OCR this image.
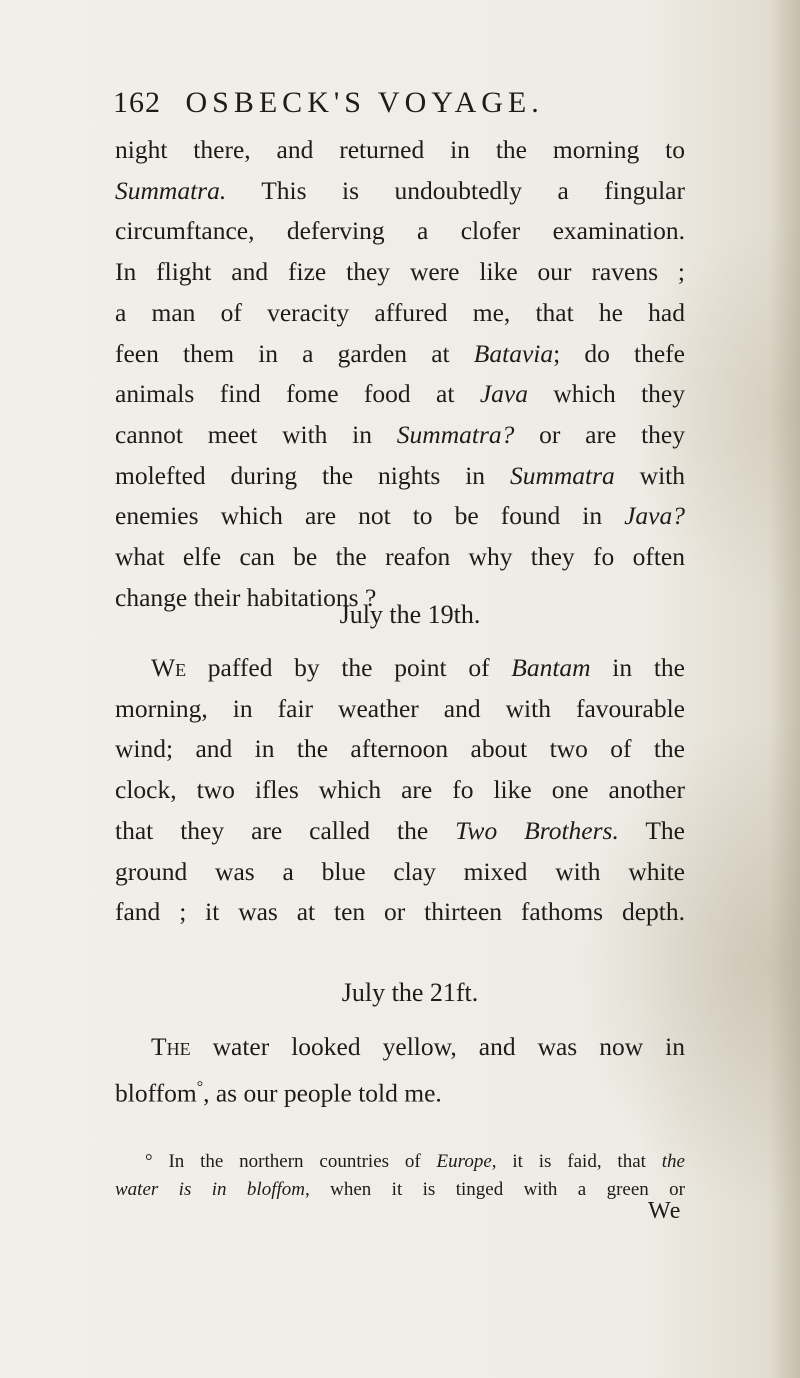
162 OSBECK'S VOYAGE.
night there, and returned in the morning to
Summatra. This is undoubtedly a fingular
circumftance, deferving a clofer examination.
In flight and fize they were like our ravens ;
a man of veracity affured me, that he had
feen them in a garden at Batavia; do thefe
animals find fome food at Java which they
cannot meet with in Summatra? or are they
molefted during the nights in Summatra with
enemies which are not to be found in Java?
what elfe can be the reafon why they fo often
change their habitations ?
July the 19th.
We paffed by the point of Bantam in the
morning, in fair weather and with favourable
wind; and in the afternoon about two of the
clock, two ifles which are fo like one another
that they are called the Two Brothers. The
ground was a blue clay mixed with white
fand ; it was at ten or thirteen fathoms depth.
July the 21ft.
The water looked yellow, and was now in
bloffom°, as our people told me.
° In the northern countries of Europe, it is faid, that the
water is in bloffom, when it is tinged with a green or
We
